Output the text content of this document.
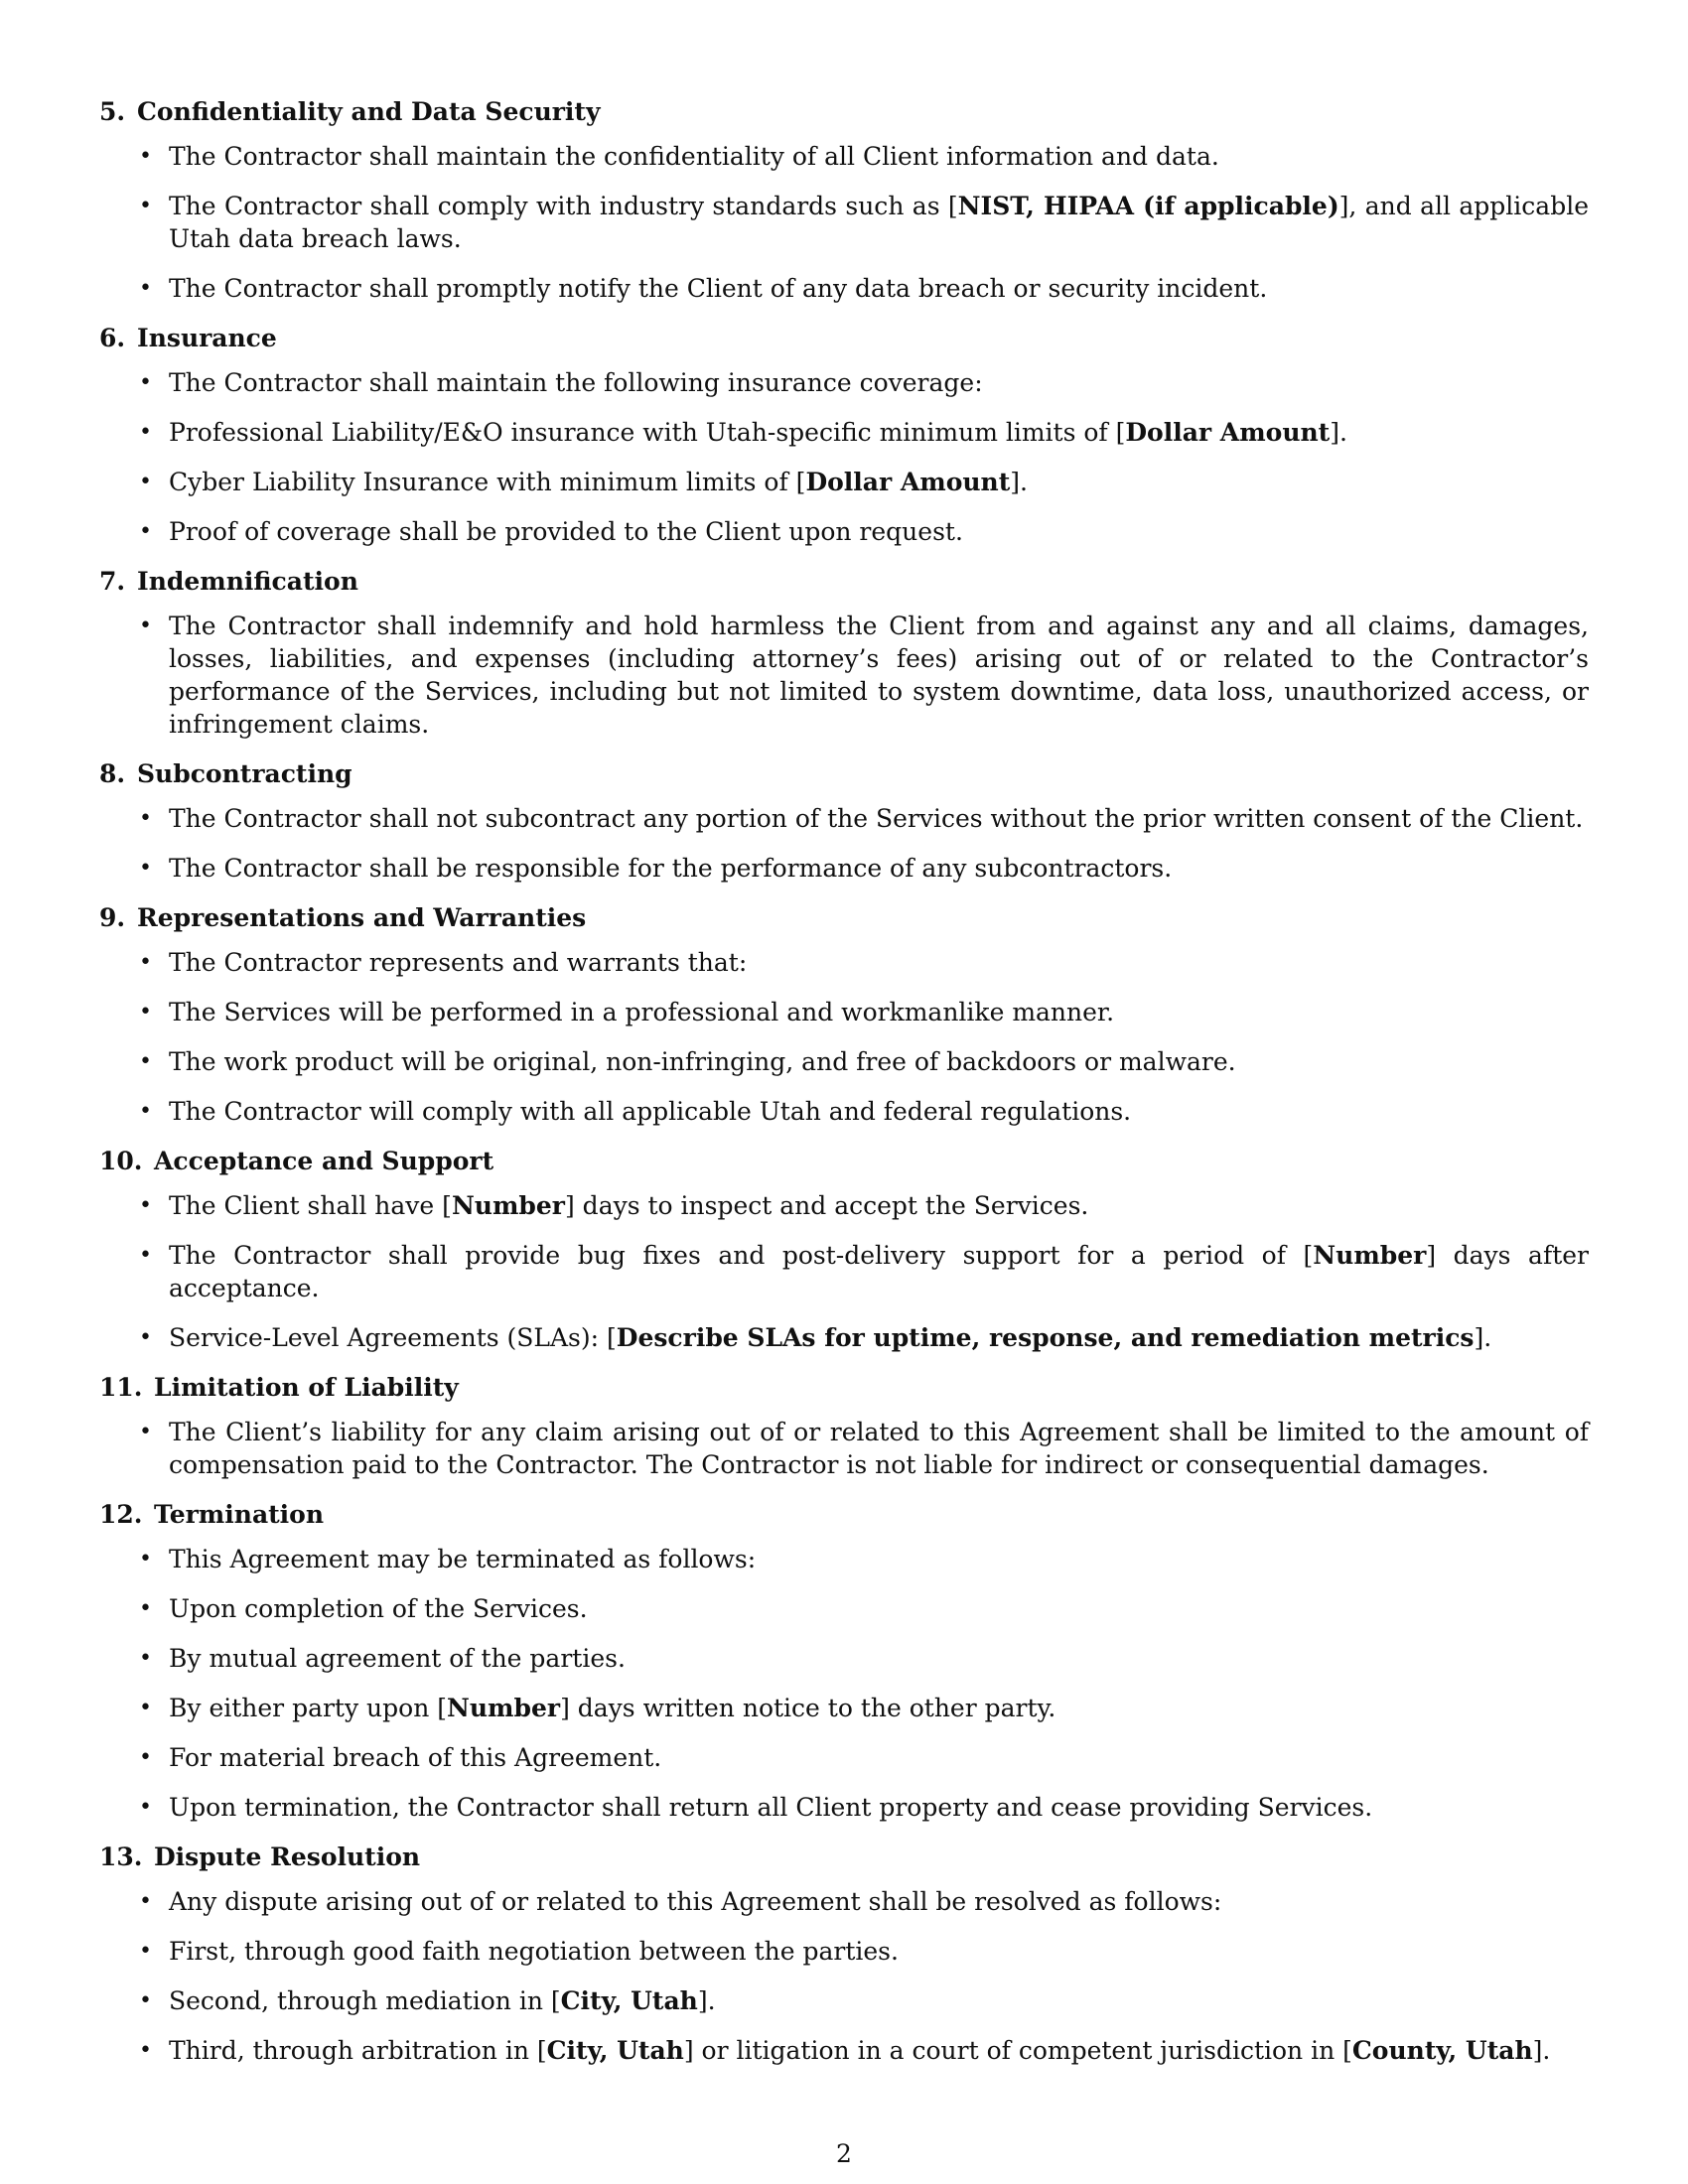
5. Confidentiality and Data Security
• The Contractor shall maintain the confidentiality of all Client information and data.
• The Contractor shall comply with industry standards such as [NIST, HIPAA (if applicable)], and all applicable Utah data breach laws.
• The Contractor shall promptly notify the Client of any data breach or security incident.
6. Insurance
• The Contractor shall maintain the following insurance coverage:
• Professional Liability/E&O insurance with Utah-specific minimum limits of [Dollar Amount].
• Cyber Liability Insurance with minimum limits of [Dollar Amount].
• Proof of coverage shall be provided to the Client upon request.
7. Indemnification
• The Contractor shall indemnify and hold harmless the Client from and against any and all claims, damages, losses, liabilities, and expenses (including attorney’s fees) arising out of or related to the Contractor’s performance of the Services, including but not limited to system downtime, data loss, unauthorized access, or infringement claims.
8. Subcontracting
• The Contractor shall not subcontract any portion of the Services without the prior written consent of the Client.
• The Contractor shall be responsible for the performance of any subcontractors.
9. Representations and Warranties
• The Contractor represents and warrants that:
• The Services will be performed in a professional and workmanlike manner.
• The work product will be original, non-infringing, and free of backdoors or malware.
• The Contractor will comply with all applicable Utah and federal regulations.
10. Acceptance and Support
• The Client shall have [Number] days to inspect and accept the Services.
• The Contractor shall provide bug fixes and post-delivery support for a period of [Number] days after acceptance.
• Service-Level Agreements (SLAs): [Describe SLAs for uptime, response, and remediation metrics].
11. Limitation of Liability
• The Client’s liability for any claim arising out of or related to this Agreement shall be limited to the amount of compensation paid to the Contractor. The Contractor is not liable for indirect or consequential damages.
12. Termination
• This Agreement may be terminated as follows:
• Upon completion of the Services.
• By mutual agreement of the parties.
• By either party upon [Number] days written notice to the other party.
• For material breach of this Agreement.
• Upon termination, the Contractor shall return all Client property and cease providing Services.
13. Dispute Resolution
• Any dispute arising out of or related to this Agreement shall be resolved as follows:
• First, through good faith negotiation between the parties.
• Second, through mediation in [City, Utah].
• Third, through arbitration in [City, Utah] or litigation in a court of competent jurisdiction in [County, Utah].
2
